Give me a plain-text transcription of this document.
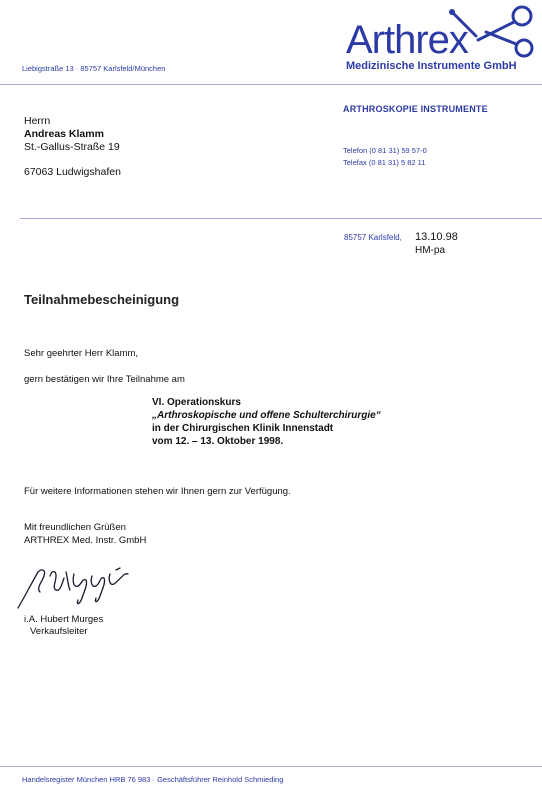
Liebigstraße 13 · 85757 Karlsfeld/München
Arthrex
Medizinische Instrumente GmbH
Herrn
Andreas Klamm
St.-Gallus-Straße 19
67063 Ludwigshafen
ARTHROSKOPIE INSTRUMENTE
Telefon (0 81 31) 59 57-0
Telefax (0 81 31) 5 82 11
85757 Karlsfeld, 13.10.98
HM-pa
Teilnahmebescheinigung
Sehr geehrter Herr Klamm,
gern bestätigen wir Ihre Teilnahme am
VI. Operationskurs
„Arthroskopische und offene Schulterchirurgie“
in der Chirurgischen Klinik Innenstadt
vom 12. – 13. Oktober 1998.
Für weitere Informationen stehen wir Ihnen gern zur Verfügung.
Mit freundlichen Grüßen
ARTHREX Med. Instr. GmbH
i.A. Hubert Murges
Verkaufsleiter
Handelsregister München HRB 76 983 · Geschäftsführer Reinhold Schmieding
